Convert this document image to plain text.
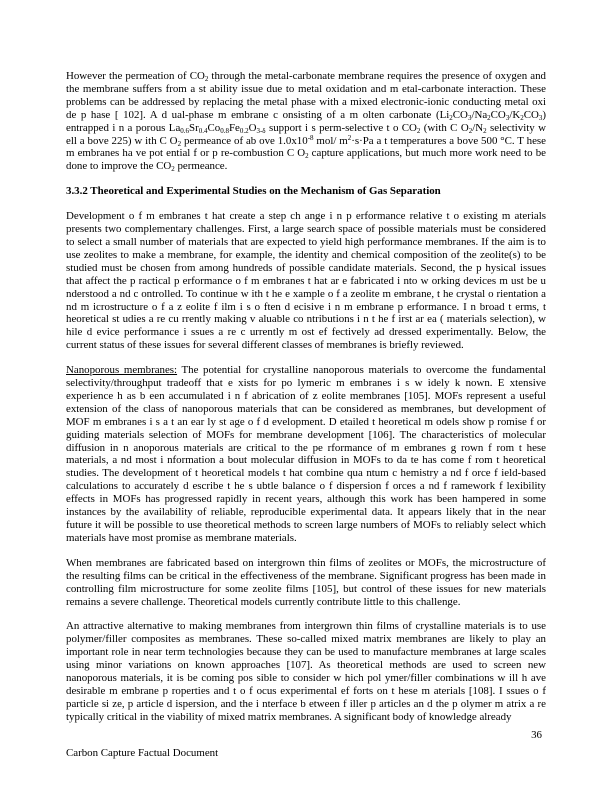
However the permeation of $CO_2$ through the metal-carbonate membrane requires the presence of oxygen and the membrane suffers from a st ability issue due to metal oxidation and m etal-carbonate interaction. These problems can be addressed by replacing the metal phase with a mixed electronic-ionic conducting metal oxi de p hase [ 102]. A d ual-phase m embrane c onsisting of a m olten carbonate $(Li_2CO_3/Na_2CO_3/K_2CO_3)$ entrapped i n a porous $La_{0.6}Sr_{0.4}Co_{0.8}Fe_{0.2}O_{3-\delta}$ support i s perm-selective t o $CO_2$ (with C $O_2/N_2$ selectivity w ell a bove 225) w ith C $O_2$ permeance of ab ove $1.0x10^{-8}$ mol/ $m^2\cdot s\cdot Pa$ a t temperatures a bove 500 °C. T hese m embranes ha ve pot ential f or p re-combustion C $O_2$ capture applications, but much more work need to be done to improve the $CO_2$ permeance.

3.3.2 Theoretical and Experimental Studies on the Mechanism of Gas Separation

Development o f m embranes t hat create a step ch ange i n p erformance relative t o existing m aterials presents two complementary challenges. First, a large search space of possible materials must be considered to select a small number of materials that are expected to yield high performance membranes. If the aim is to use zeolites to make a membrane, for example, the identity and chemical composition of the zeolite(s) to be studied must be chosen from among hundreds of possible candidate materials. Second, the p hysical issues that affect the p ractical p erformance o f m embranes t hat ar e fabricated i nto w orking devices m ust be u nderstood a nd c ontrolled. To continue w ith t he e xample o f a zeolite m embrane, t he crystal o rientation a nd m icrostructure o f a z eolite f ilm i s o ften d ecisive i n m embrane p erformance. I n broad t erms, t heoretical st udies a re cu rrently making v aluable co ntributions i n t he f irst ar ea ( materials selection), w hile d evice performance i ssues a re c urrently m ost ef fectively ad dressed experimentally. Below, the current status of these issues for several different classes of membranes is briefly reviewed.

Nanoporous membranes: The potential for crystalline nanoporous materials to overcome the fundamental selectivity/throughput tradeoff that e xists for po lymeric m embranes i s w idely k nown. E xtensive experience h as b een accumulated i n f abrication of z eolite membranes [105]. MOFs represent a useful extension of the class of nanoporous materials that can be considered as membranes, but development of MOF m embranes i s a t an ear ly st age o f d evelopment. D etailed t heoretical m odels show p romise f or guiding materials selection of MOFs for membrane development [106]. The characteristics of molecular diffusion in n anoporous materials are critical to the pe rformance of m embranes g rown f rom t hese materials, a nd most i nformation a bout molecular diffusion in MOFs to da te has come f rom t heoretical studies. The development of t heoretical models t hat combine qua ntum c hemistry a nd f orce f ield-based calculations to accurately d escribe t he s ubtle balance o f dispersion f orces a nd f ramework f lexibility effects in MOFs has progressed rapidly in recent years, although this work has been hampered in some instances by the availability of reliable, reproducible experimental data. It appears likely that in the near future it will be possible to use theoretical methods to screen large numbers of MOFs to reliably select which materials have most promise as membrane materials.

When membranes are fabricated based on intergrown thin films of zeolites or MOFs, the microstructure of the resulting films can be critical in the effectiveness of the membrane. Significant progress has been made in controlling film microstructure for some zeolite films [105], but control of these issues for new materials remains a severe challenge. Theoretical models currently contribute little to this challenge.

An attractive alternative to making membranes from intergrown thin films of crystalline materials is to use polymer/filler composites as membranes. These so-called mixed matrix membranes are likely to play an important role in near term technologies because they can be used to manufacture membranes at large scales using minor variations on known approaches [107]. As theoretical methods are used to screen new nanoporous materials, it is be coming pos sible to consider w hich pol ymer/filler combinations w ill h ave desirable m embrane p roperties and t o f ocus experimental ef forts on t hese m aterials [108]. I ssues o f particle si ze, p article d ispersion, and the i nterface b etween f iller p articles an d the p olymer m atrix a re typically critical in the viability of mixed matrix membranes. A significant body of knowledge already

36
Carbon Capture Factual Document
